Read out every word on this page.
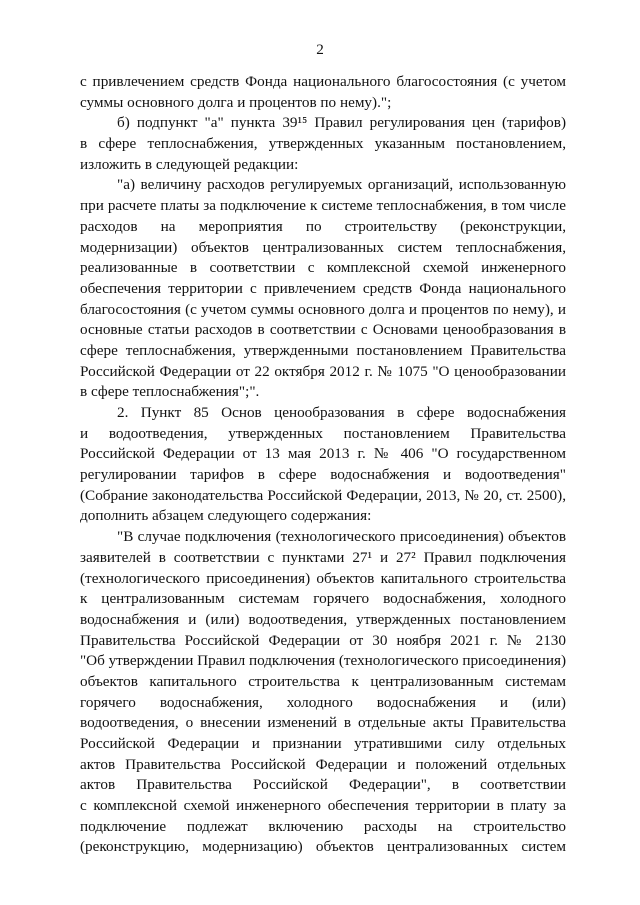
2
с привлечением средств Фонда национального благосостояния (с учетом
суммы основного долга и процентов по нему).";
б) подпункт "а" пункта 39¹⁵ Правил регулирования цен (тарифов)
в сфере теплоснабжения, утвержденных указанным постановлением,
изложить в следующей редакции:
"а) величину расходов регулируемых организаций, использованную
при расчете платы за подключение к системе теплоснабжения, в том числе
расходов на мероприятия по строительству (реконструкции,
модернизации) объектов централизованных систем теплоснабжения,
реализованные в соответствии с комплексной схемой инженерного
обеспечения территории с привлечением средств Фонда национального
благосостояния (с учетом суммы основного долга и процентов по нему), и
основные статьи расходов в соответствии с Основами ценообразования в
сфере теплоснабжения, утвержденными постановлением Правительства
Российской Федерации от 22 октября 2012 г. № 1075 "О ценообразовании
в сфере теплоснабжения";".
2. Пункт 85 Основ ценообразования в сфере водоснабжения
и водоотведения, утвержденных постановлением Правительства
Российской Федерации от 13 мая 2013 г. № 406 "О государственном
регулировании тарифов в сфере водоснабжения и водоотведения"
(Собрание законодательства Российской Федерации, 2013, № 20, ст. 2500),
дополнить абзацем следующего содержания:
"В случае подключения (технологического присоединения) объектов
заявителей в соответствии с пунктами 27¹ и 27² Правил подключения
(технологического присоединения) объектов капитального строительства
к централизованным системам горячего водоснабжения, холодного
водоснабжения и (или) водоотведения, утвержденных постановлением
Правительства Российской Федерации от 30 ноября 2021 г. № 2130
"Об утверждении Правил подключения (технологического присоединения)
объектов капитального строительства к централизованным системам
горячего водоснабжения, холодного водоснабжения и (или)
водоотведения, о внесении изменений в отдельные акты Правительства
Российской Федерации и признании утратившими силу отдельных
актов Правительства Российской Федерации и положений отдельных
актов Правительства Российской Федерации", в соответствии
с комплексной схемой инженерного обеспечения территории в плату за
подключение подлежат включению расходы на строительство
(реконструкцию, модернизацию) объектов централизованных систем
